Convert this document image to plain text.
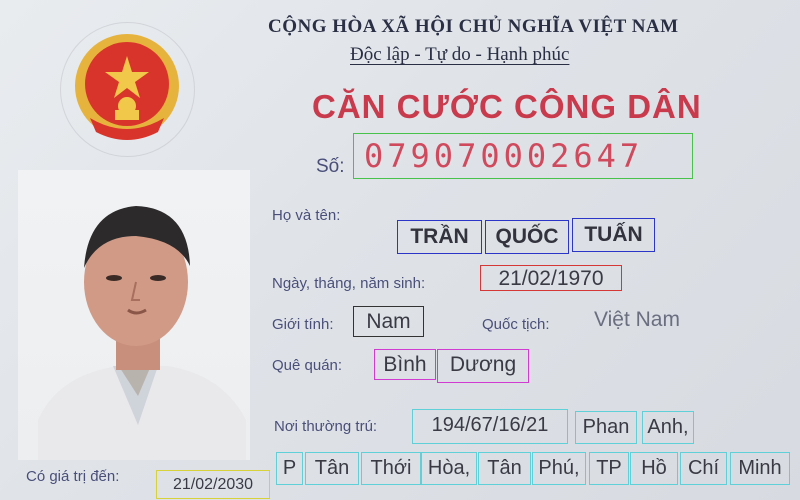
CỘNG HÒA XÃ HỘI CHỦ NGHĨA VIỆT NAM
Độc lập - Tự do - Hạnh phúc
CĂN CƯỚC CÔNG DÂN
Số: 079070002647
Họ và tên:
TRẦN	QUỐC	TUẤN
Ngày, tháng, năm sinh:	21/02/1970
Giới tính:	Nam	Quốc tịch: Việt Nam
Quê quán:	Bình	Dương
Nơi thường trú:	194/67/16/21	Phan Anh,
P Tân	Thới Hòa, Tân Phú, TP Hồ	Chí Minh
Có giá trị đến:	21/02/2030
